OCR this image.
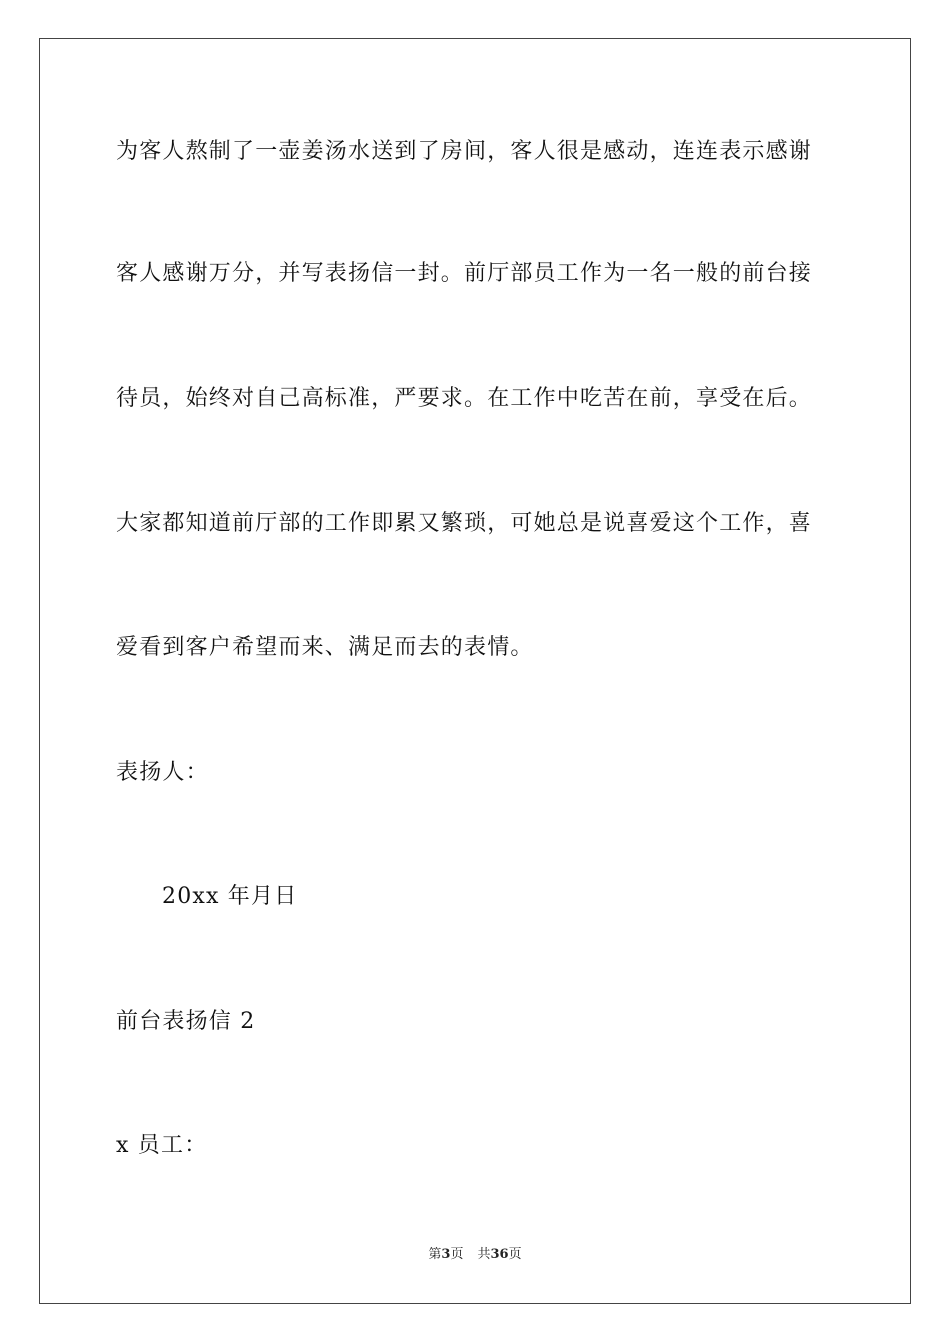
为客人熬制了一壶姜汤水送到了房间，客人很是感动，连连表示感谢
客人感谢万分，并写表扬信一封。前厅部员工作为一名一般的前台接
待员，始终对自己高标准，严要求。在工作中吃苦在前，享受在后。
大家都知道前厅部的工作即累又繁琐，可她总是说喜爱这个工作，喜
爱看到客户希望而来、满足而去的表情。
表扬人：
20xx 年月日
前台表扬信 2
x 员工：
第3页 共36页
